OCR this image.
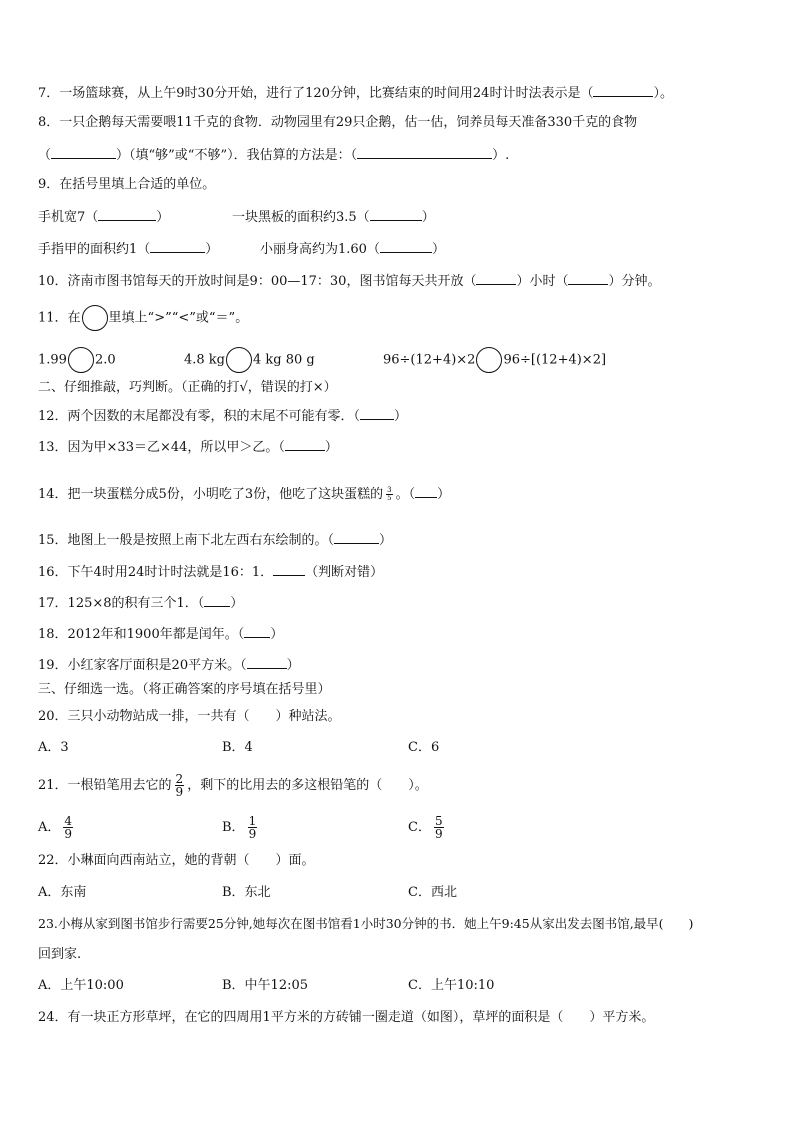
7．一场篮球赛，从上午9时30分开始，进行了120分钟，比赛结束的时间用24时计时法表示是（	）。
8．一只企鹅每天需要喂11千克的食物．动物园里有29只企鹅，估一估，饲养员每天准备330千克的食物
（	）（填“够”或“不够”）．我估算的方法是：（	）.
9．在括号里填上合适的单位。
手机宽7（	）	一块黑板的面积约3.5（	）
手指甲的面积约1（	）	小丽身高约为1.60（	）
10．济南市图书馆每天的开放时间是9：00—17：30，图书馆每天共开放（	）小时（	）分钟。
11．在 里填上“>”“<”或“＝”。
1.99 2.0	4.8 kg 4 kg 80 g	96÷(12+4)×2 96÷[(12+4)×2]
二、仔细推敲，巧判断。（正确的打√，错误的打×）
12．两个因数的末尾都没有零，积的末尾不可能有零．（	）
13．因为甲×33＝乙×44，所以甲＞乙。（	）
14．把一块蛋糕分成5份，小明吃了3份，他吃了这块蛋糕的 $\frac{3}{5}$ 。（ ）
15．地图上一般是按照上南下北左西右东绘制的。（	）
16．下午4时用24时计时法就是16：1． （判断对错）
17．125×8的积有三个1．（ ）
18．2012年和1900年都是闰年。（ ）
19．小红家客厅面积是20平方米。（	）
三、仔细选一选。（将正确答案的序号填在括号里）
20．三只小动物站成一排，一共有（　　）种站法。
A．3	B．4	C．6
21．一根铅笔用去它的 $\frac{2}{9}$ ，剩下的比用去的多这根铅笔的（　　）。
A． $\frac{4}{9}$	B． $\frac{1}{9}$	C． $\frac{5}{9}$
22．小琳面向西南站立，她的背朝（　　）面。
A．东南	B．东北	C．西北
23.小梅从家到图书馆步行需要25分钟,她每次在图书馆看1小时30分钟的书．她上午9:45从家出发去图书馆,最早(　　)
回到家.
A．上午10:00	B．中午12:05	C．上午10:10
24．有一块正方形草坪，在它的四周用1平方米的方砖铺一圈走道（如图），草坪的面积是（　　）平方米。
